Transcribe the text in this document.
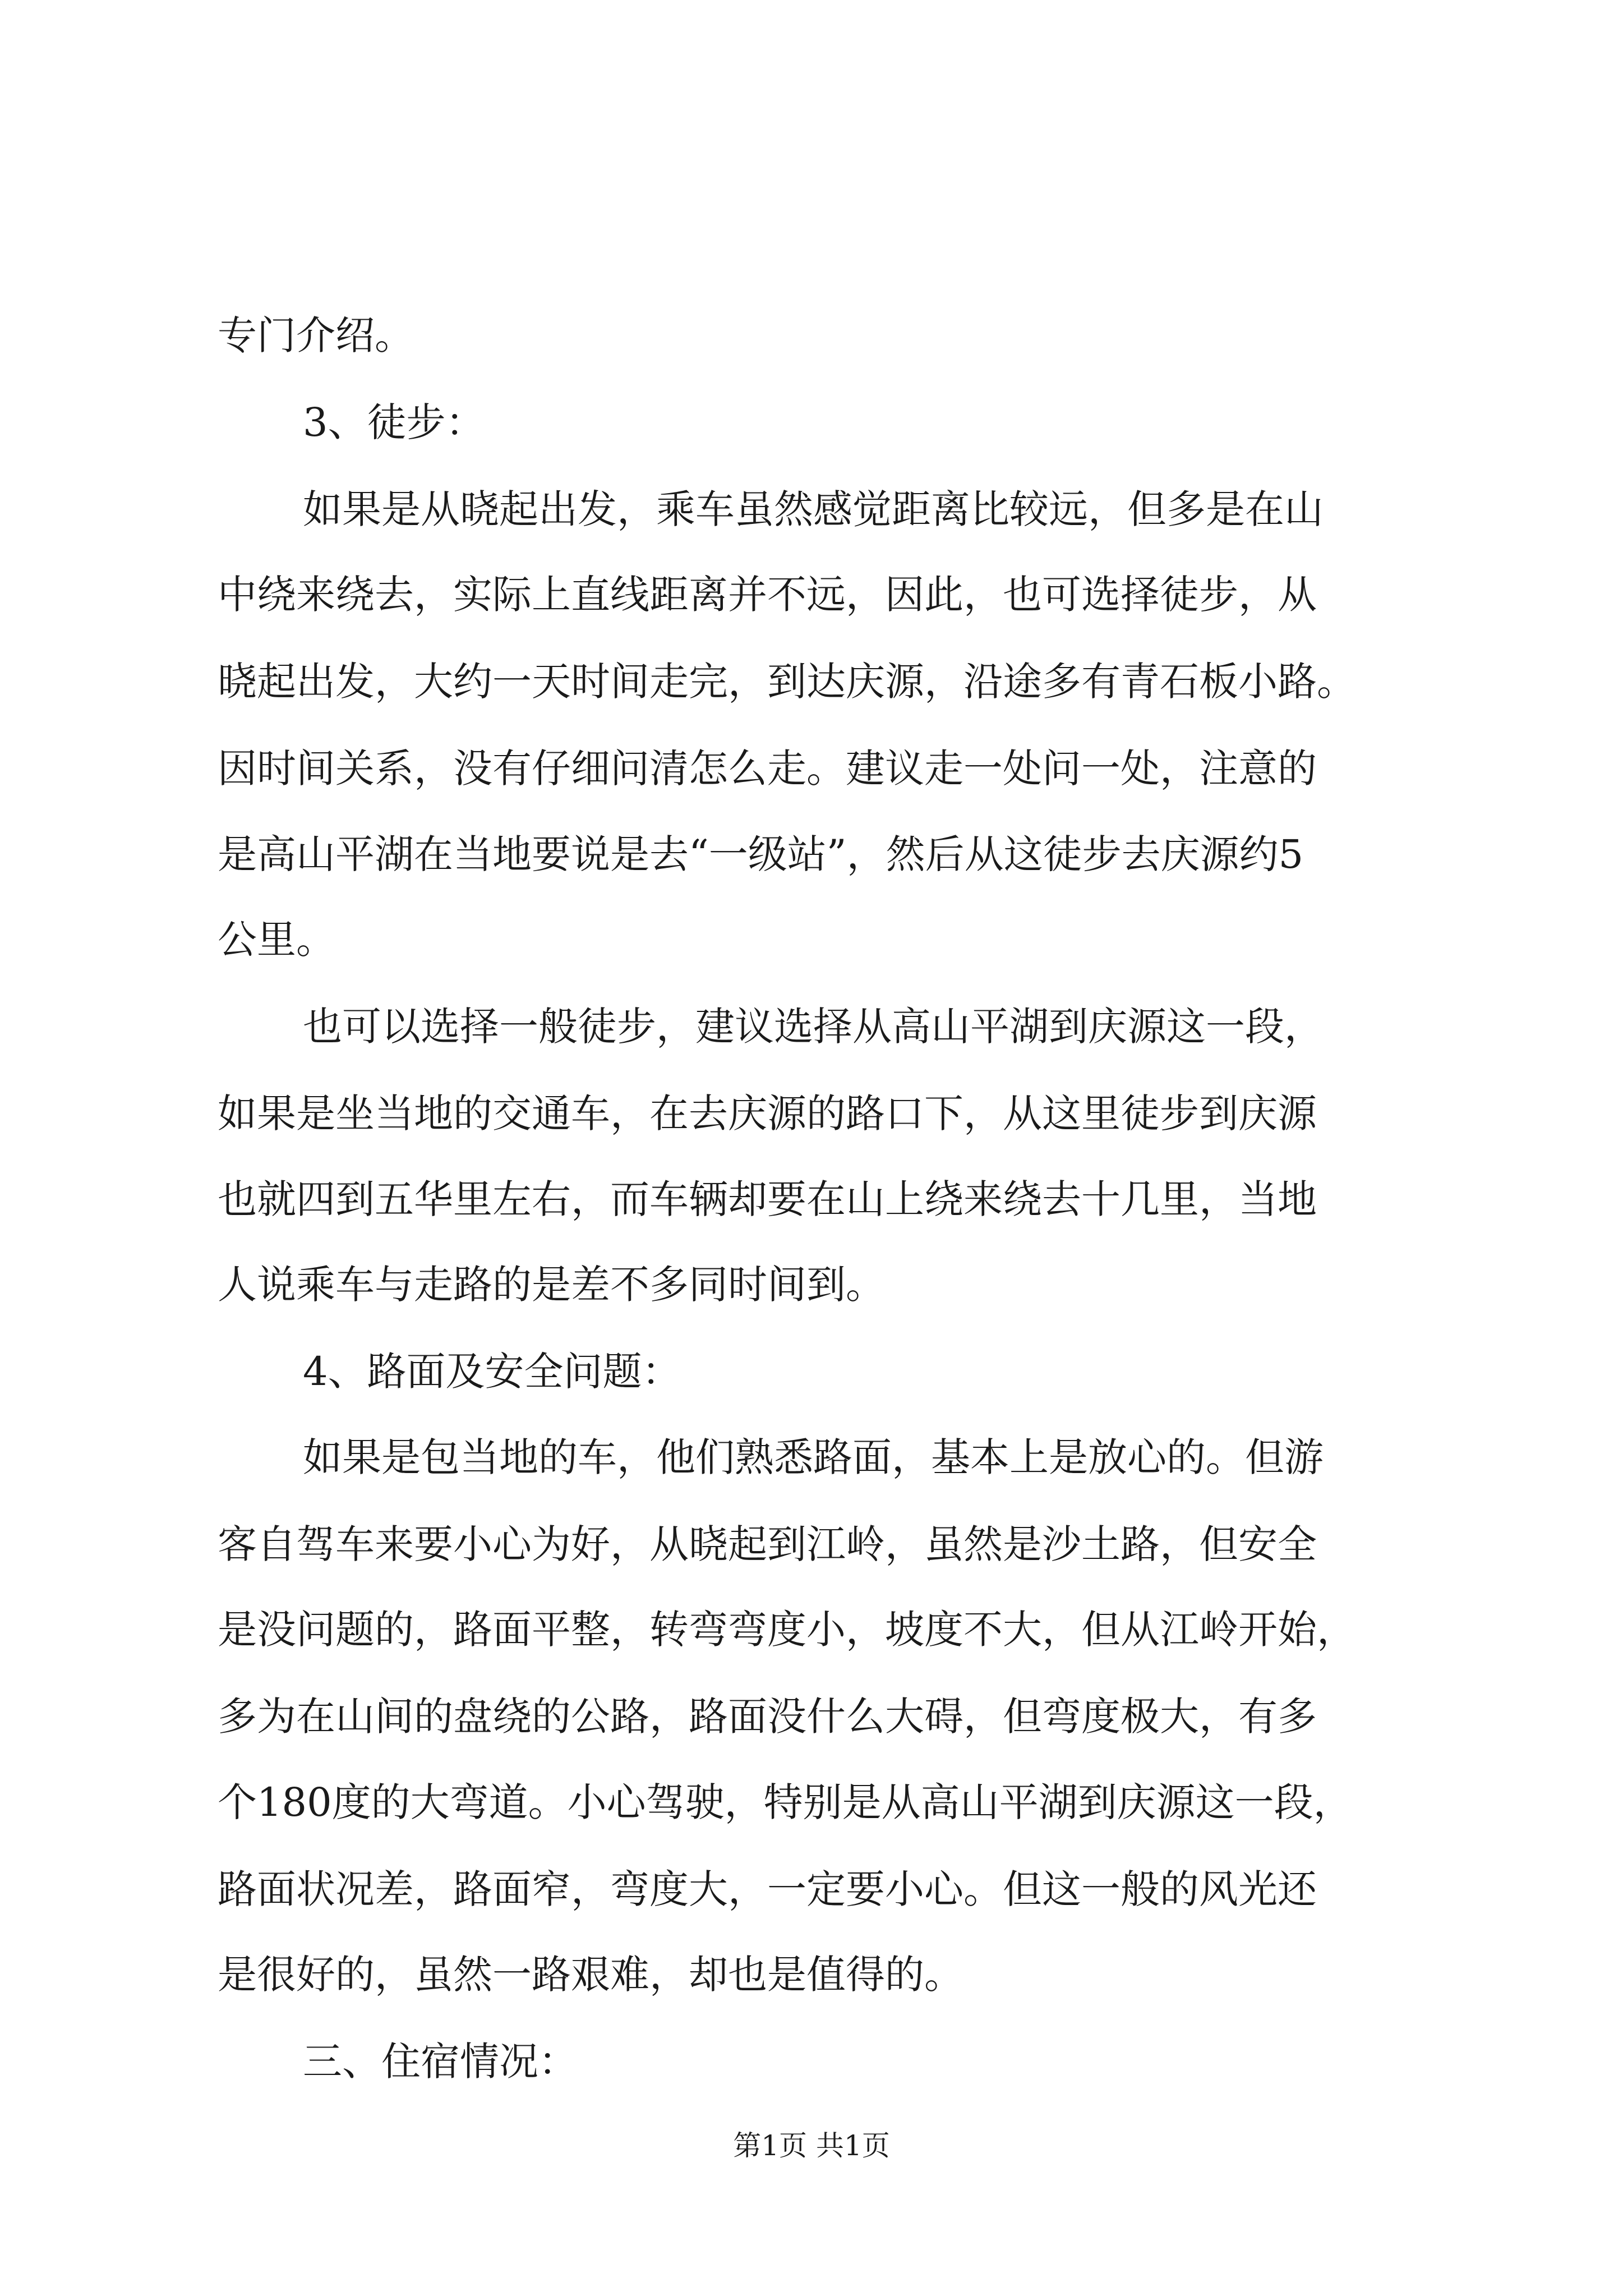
专门介绍。

3、徒步：

如果是从晓起出发，乘车虽然感觉距离比较远，但多是在山

中绕来绕去，实际上直线距离并不远，因此，也可选择徒步，从

晓起出发，大约一天时间走完，到达庆源，沿途多有青石板小路。

因时间关系，没有仔细问清怎么走。建议走一处问一处，注意的

是高山平湖在当地要说是去“一级站”，然后从这徒步去庆源约5

公里。

也可以选择一般徒步，建议选择从高山平湖到庆源这一段，

如果是坐当地的交通车，在去庆源的路口下，从这里徒步到庆源

也就四到五华里左右，而车辆却要在山上绕来绕去十几里，当地

人说乘车与走路的是差不多同时间到。

4、路面及安全问题：

如果是包当地的车，他们熟悉路面，基本上是放心的。但游

客自驾车来要小心为好，从晓起到江岭，虽然是沙土路，但安全

是没问题的，路面平整，转弯弯度小，坡度不大，但从江岭开始，

多为在山间的盘绕的公路，路面没什么大碍，但弯度极大，有多

个180度的大弯道。小心驾驶，特别是从高山平湖到庆源这一段，

路面状况差，路面窄，弯度大，一定要小心。但这一般的风光还

是很好的，虽然一路艰难，却也是值得的。

三、住宿情况：

第1页 共1页
